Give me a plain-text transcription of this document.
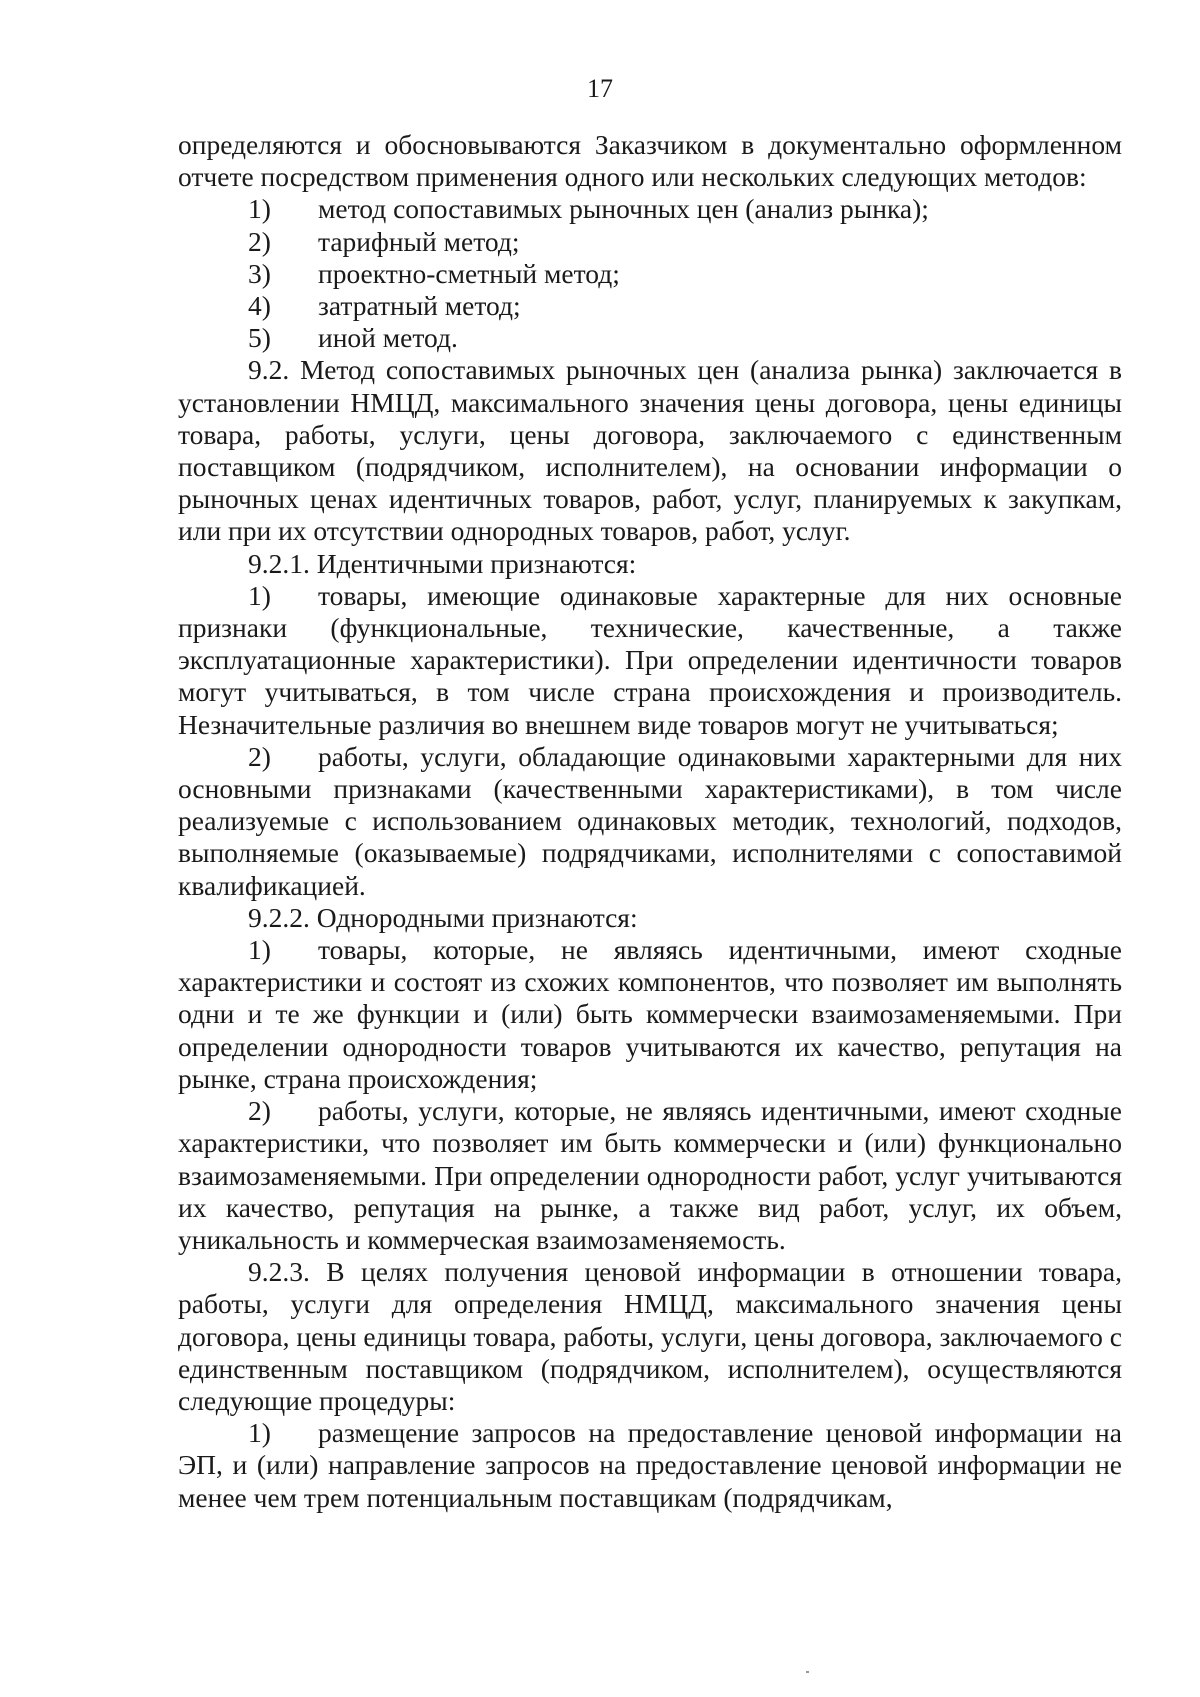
17

определяются и обосновываются Заказчиком в документально оформленном отчете посредством применения одного или нескольких следующих методов:

1) метод сопоставимых рыночных цен (анализ рынка);

2) тарифный метод;

3) проектно-сметный метод;

4) затратный метод;

5) иной метод.

9.2. Метод сопоставимых рыночных цен (анализа рынка) заключается в установлении НМЦД, максимального значения цены договора, цены единицы товара, работы, услуги, цены договора, заключаемого с единственным поставщиком (подрядчиком, исполнителем), на основании информации о рыночных ценах идентичных товаров, работ, услуг, планируемых к закупкам, или при их отсутствии однородных товаров, работ, услуг.

9.2.1. Идентичными признаются:

1) товары, имеющие одинаковые характерные для них основные признаки (функциональные, технические, качественные, а также эксплуатационные характеристики). При определении идентичности товаров могут учитываться, в том числе страна происхождения и производитель. Незначительные различия во внешнем виде товаров могут не учитываться;

2) работы, услуги, обладающие одинаковыми характерными для них основными признаками (качественными характеристиками), в том числе реализуемые с использованием одинаковых методик, технологий, подходов, выполняемые (оказываемые) подрядчиками, исполнителями с сопоставимой квалификацией.

9.2.2. Однородными признаются:

1) товары, которые, не являясь идентичными, имеют сходные характеристики и состоят из схожих компонентов, что позволяет им выполнять одни и те же функции и (или) быть коммерчески взаимозаменяемыми. При определении однородности товаров учитываются их качество, репутация на рынке, страна происхождения;

2) работы, услуги, которые, не являясь идентичными, имеют сходные характеристики, что позволяет им быть коммерчески и (или) функционально взаимозаменяемыми. При определении однородности работ, услуг учитываются их качество, репутация на рынке, а также вид работ, услуг, их объем, уникальность и коммерческая взаимозаменяемость.

9.2.3. В целях получения ценовой информации в отношении товара, работы, услуги для определения НМЦД, максимального значения цены договора, цены единицы товара, работы, услуги, цены договора, заключаемого с единственным поставщиком (подрядчиком, исполнителем), осуществляются следующие процедуры:

1) размещение запросов на предоставление ценовой информации на ЭП, и (или) направление запросов на предоставление ценовой информации не менее чем трем потенциальным поставщикам (подрядчикам,
